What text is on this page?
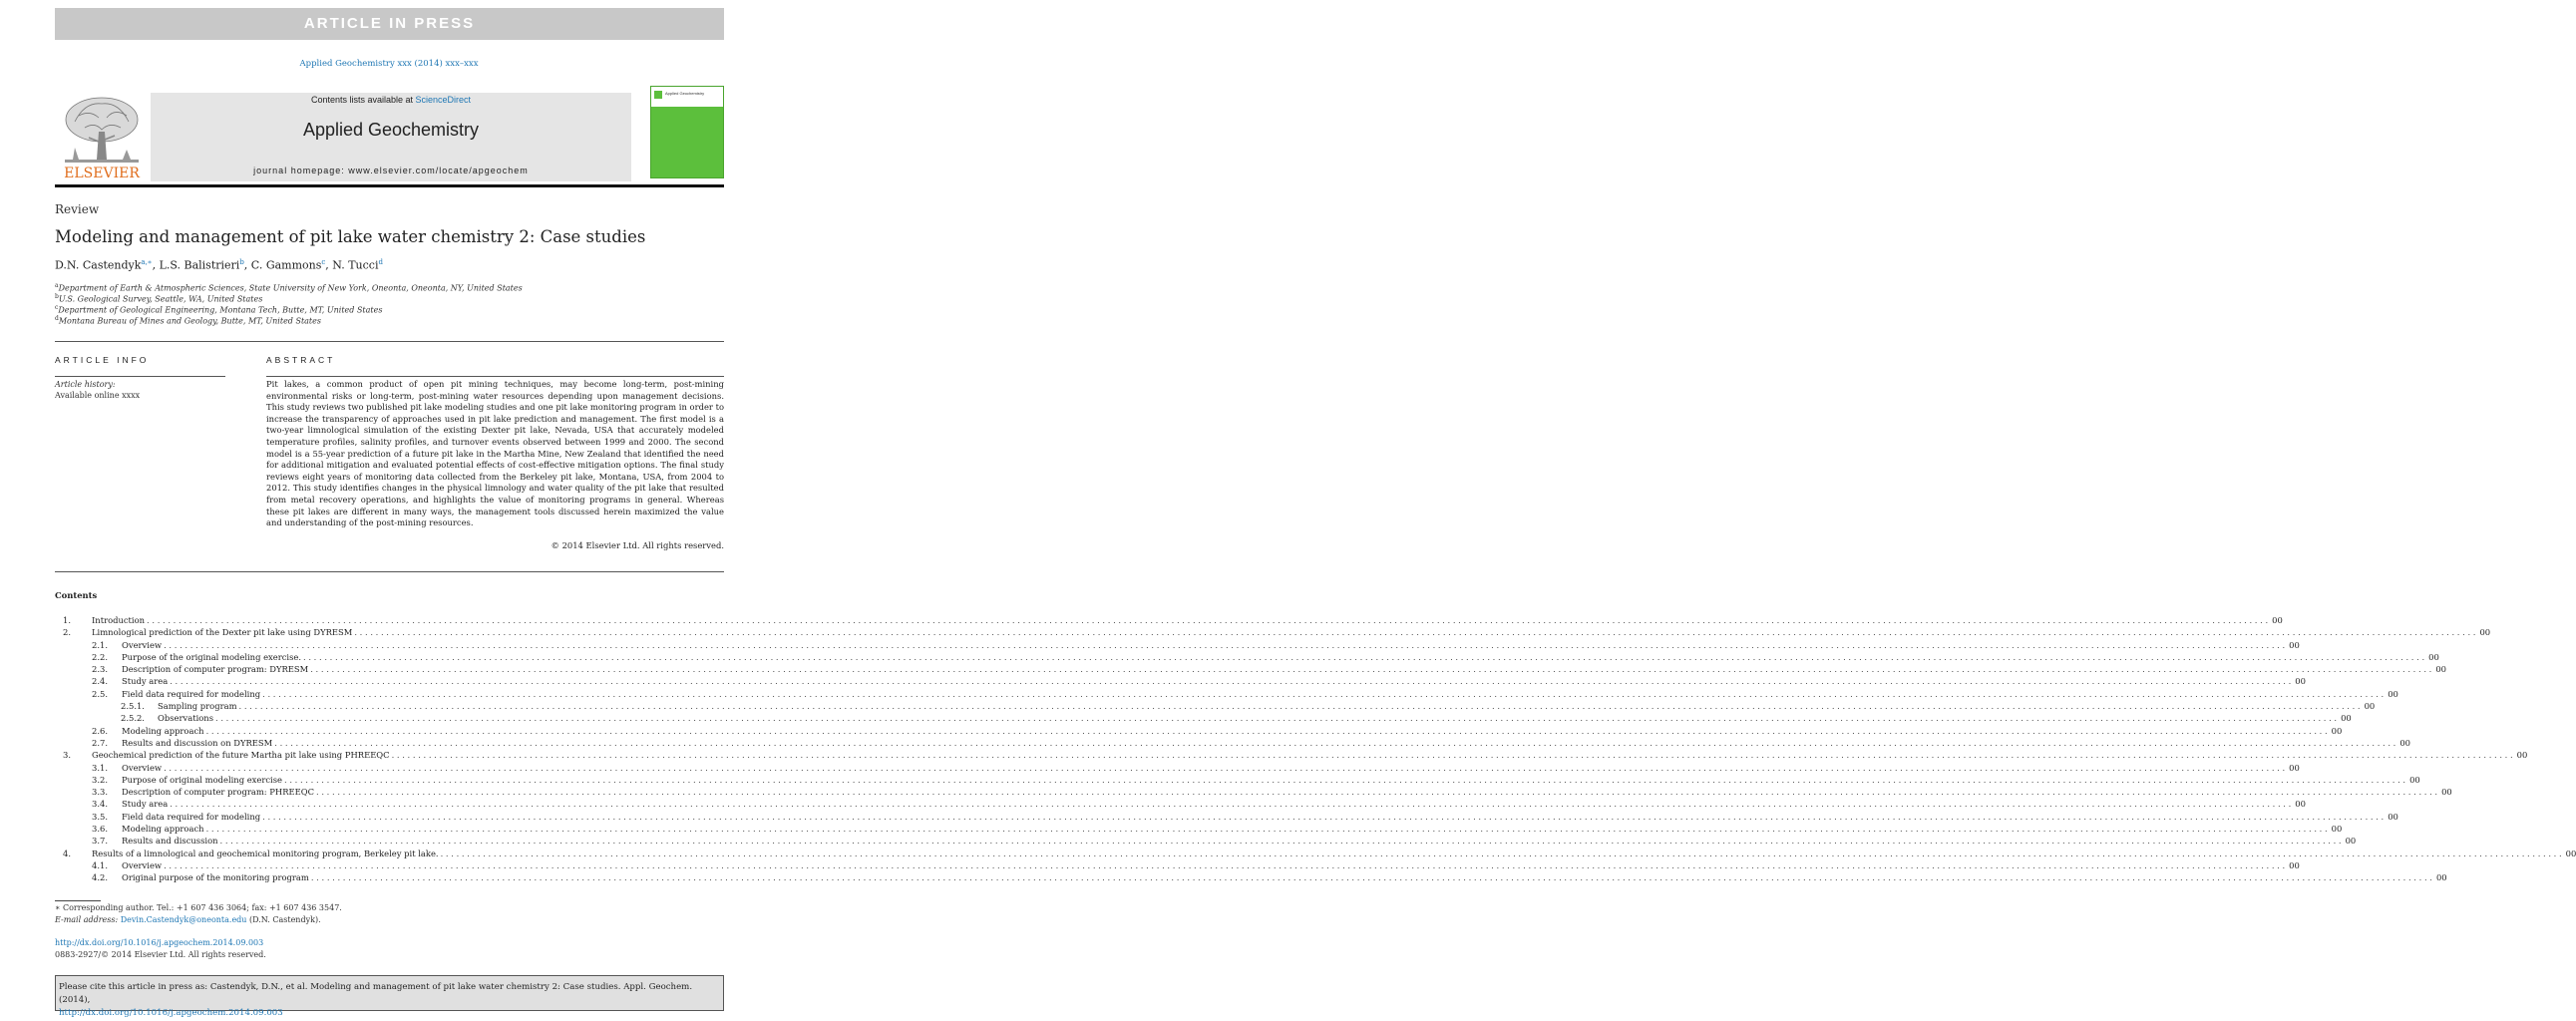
ARTICLE IN PRESS
Applied Geochemistry xxx (2014) xxx–xxx
ELSEVIER
Contents lists available at ScienceDirect
Applied Geochemistry
journal homepage: www.elsevier.com/locate/apgeochem
Applied Geochemistry
Review
Modeling and management of pit lake water chemistry 2: Case studies
D.N. Castendyk$^{a,∗}$, L.S. Balistrieri$^b$, C. Gammons$^c$, N. Tucci$^d$
$^a$Department of Earth & Atmospheric Sciences, State University of New York, Oneonta, Oneonta, NY, United States
$^b$U.S. Geological Survey, Seattle, WA, United States
$^c$Department of Geological Engineering, Montana Tech, Butte, MT, United States
$^d$Montana Bureau of Mines and Geology, Butte, MT, United States
ARTICLE INFO	ABSTRACT
Article history:
Available online xxxx
Pit lakes, a common product of open pit mining techniques, may become long-term, post-mining environmental risks or long-term, post-mining water resources depending upon management decisions. This study reviews two published pit lake modeling studies and one pit lake monitoring program in order to increase the transparency of approaches used in pit lake prediction and management. The first model is a two-year limnological simulation of the existing Dexter pit lake, Nevada, USA that accurately modeled temperature profiles, salinity profiles, and turnover events observed between 1999 and 2000. The second model is a 55-year prediction of a future pit lake in the Martha Mine, New Zealand that identified the need for additional mitigation and evaluated potential effects of cost-effective mitigation options. The final study reviews eight years of monitoring data collected from the Berkeley pit lake, Montana, USA, from 2004 to 2012. This study identifies changes in the physical limnology and water quality of the pit lake that resulted from metal recovery operations, and highlights the value of monitoring programs in general. Whereas these pit lakes are different in many ways, the management tools discussed herein maximized the value and understanding of the post-mining resources.
© 2014 Elsevier Ltd. All rights reserved.
Contents
1.	Introduction . . . . . . . . . . . . . . . . . . . . . . . . . . . . . . . . . . . . . . . . . . . . . . . . . . . . . . . . . . . . . . . . . . . . . . . . . . . . . . . . . . . . . . . . . . . . . . . . . . . . . . . . . . . . . . . . . . . . . . . . . . . . . . . . . . . . . . . . . . . . . . . . . . . . . . . . . . . . . . . . . . . . . . . . . . . . . . . . . . . . . . . . . . . . . . . . . . . . . . . . . . . . . . . . . . . . . . . . . . . . . . . . . . . . . . . . . . . . . . . . . . . . . . . . . . . . . . . . . . . . . . . . . . . . . . . . . . . . . . . . . . . . . . . . . . . . . . . . . . . . . . . . . . . . . . . . . . . . . . . . . . . . . . . . . . . . . . . . . . . . . . . . . . . . . . . . . . . . . . . . . . . . . . . . . . . . . . . . . . . . . . . . . . . . . . . . . . . . . . . . 00
2.	Limnological prediction of the Dexter pit lake using DYRESM . . . . . . . . . . . . . . . . . . . . . . . . . . . . . . . . . . . . . . . . . . . . . . . . . . . . . . . . . . . . . . . . . . . . . . . . . . . . . . . . . . . . . . . . . . . . . . . . . . . . . . . . . . . . . . . . . . . . . . . . . . . . . . . . . . . . . . . . . . . . . . . . . . . . . . . . . . . . . . . . . . . . . . . . . . . . . . . . . . . . . . . . . . . . . . . . . . . . . . . . . . . . . . . . . . . . . . . . . . . . . . . . . . . . . . . . . . . . . . . . . . . . . . . . . . . . . . . . . . . . . . . . . . . . . . . . . . . . . . . . . . . . . . . . . . . . . . . . . . . . . . . . . . . . . . . . . . . . . . . . . . . . . . . . . . . . . . . . . . . . . . . . . . . . . . . . . . . . . . . . . . . . . . . . . . . . . . . . . . . . . . . . . . . . . . . . . . . . . . . . 00
2.1.	Overview . . . . . . . . . . . . . . . . . . . . . . . . . . . . . . . . . . . . . . . . . . . . . . . . . . . . . . . . . . . . . . . . . . . . . . . . . . . . . . . . . . . . . . . . . . . . . . . . . . . . . . . . . . . . . . . . . . . . . . . . . . . . . . . . . . . . . . . . . . . . . . . . . . . . . . . . . . . . . . . . . . . . . . . . . . . . . . . . . . . . . . . . . . . . . . . . . . . . . . . . . . . . . . . . . . . . . . . . . . . . . . . . . . . . . . . . . . . . . . . . . . . . . . . . . . . . . . . . . . . . . . . . . . . . . . . . . . . . . . . . . . . . . . . . . . . . . . . . . . . . . . . . . . . . . . . . . . . . . . . . . . . . . . . . . . . . . . . . . . . . . . . . . . . . . . . . . . . . . . . . . . . . . . . . . . . . . . . . . . . . . . . . . . . . . . . . . . . . . . . . 00
2.2.	Purpose of the original modeling exercise. . . . . . . . . . . . . . . . . . . . . . . . . . . . . . . . . . . . . . . . . . . . . . . . . . . . . . . . . . . . . . . . . . . . . . . . . . . . . . . . . . . . . . . . . . . . . . . . . . . . . . . . . . . . . . . . . . . . . . . . . . . . . . . . . . . . . . . . . . . . . . . . . . . . . . . . . . . . . . . . . . . . . . . . . . . . . . . . . . . . . . . . . . . . . . . . . . . . . . . . . . . . . . . . . . . . . . . . . . . . . . . . . . . . . . . . . . . . . . . . . . . . . . . . . . . . . . . . . . . . . . . . . . . . . . . . . . . . . . . . . . . . . . . . . . . . . . . . . . . . . . . . . . . . . . . . . . . . . . . . . . . . . . . . . . . . . . . . . . . . . . . . . . . . . . . . . . . . . . . . . . . . . . . . . . . . . . . . . . . . . . . . . . . . . . . . . . . . . . . . . 00
2.3.	Description of computer program: DYRESM . . . . . . . . . . . . . . . . . . . . . . . . . . . . . . . . . . . . . . . . . . . . . . . . . . . . . . . . . . . . . . . . . . . . . . . . . . . . . . . . . . . . . . . . . . . . . . . . . . . . . . . . . . . . . . . . . . . . . . . . . . . . . . . . . . . . . . . . . . . . . . . . . . . . . . . . . . . . . . . . . . . . . . . . . . . . . . . . . . . . . . . . . . . . . . . . . . . . . . . . . . . . . . . . . . . . . . . . . . . . . . . . . . . . . . . . . . . . . . . . . . . . . . . . . . . . . . . . . . . . . . . . . . . . . . . . . . . . . . . . . . . . . . . . . . . . . . . . . . . . . . . . . . . . . . . . . . . . . . . . . . . . . . . . . . . . . . . . . . . . . . . . . . . . . . . . . . . . . . . . . . . . . . . . . . . . . . . . . . . . . . . . . . . . . . . . . . . . . . . . 00
2.4.	Study area . . . . . . . . . . . . . . . . . . . . . . . . . . . . . . . . . . . . . . . . . . . . . . . . . . . . . . . . . . . . . . . . . . . . . . . . . . . . . . . . . . . . . . . . . . . . . . . . . . . . . . . . . . . . . . . . . . . . . . . . . . . . . . . . . . . . . . . . . . . . . . . . . . . . . . . . . . . . . . . . . . . . . . . . . . . . . . . . . . . . . . . . . . . . . . . . . . . . . . . . . . . . . . . . . . . . . . . . . . . . . . . . . . . . . . . . . . . . . . . . . . . . . . . . . . . . . . . . . . . . . . . . . . . . . . . . . . . . . . . . . . . . . . . . . . . . . . . . . . . . . . . . . . . . . . . . . . . . . . . . . . . . . . . . . . . . . . . . . . . . . . . . . . . . . . . . . . . . . . . . . . . . . . . . . . . . . . . . . . . . . . . . . . . . . . . . . . . . . . . . 00
2.5.	Field data required for modeling . . . . . . . . . . . . . . . . . . . . . . . . . . . . . . . . . . . . . . . . . . . . . . . . . . . . . . . . . . . . . . . . . . . . . . . . . . . . . . . . . . . . . . . . . . . . . . . . . . . . . . . . . . . . . . . . . . . . . . . . . . . . . . . . . . . . . . . . . . . . . . . . . . . . . . . . . . . . . . . . . . . . . . . . . . . . . . . . . . . . . . . . . . . . . . . . . . . . . . . . . . . . . . . . . . . . . . . . . . . . . . . . . . . . . . . . . . . . . . . . . . . . . . . . . . . . . . . . . . . . . . . . . . . . . . . . . . . . . . . . . . . . . . . . . . . . . . . . . . . . . . . . . . . . . . . . . . . . . . . . . . . . . . . . . . . . . . . . . . . . . . . . . . . . . . . . . . . . . . . . . . . . . . . . . . . . . . . . . . . . . . . . . . . . . . . . . . . . . . . . 00
2.5.1.	Sampling program . . . . . . . . . . . . . . . . . . . . . . . . . . . . . . . . . . . . . . . . . . . . . . . . . . . . . . . . . . . . . . . . . . . . . . . . . . . . . . . . . . . . . . . . . . . . . . . . . . . . . . . . . . . . . . . . . . . . . . . . . . . . . . . . . . . . . . . . . . . . . . . . . . . . . . . . . . . . . . . . . . . . . . . . . . . . . . . . . . . . . . . . . . . . . . . . . . . . . . . . . . . . . . . . . . . . . . . . . . . . . . . . . . . . . . . . . . . . . . . . . . . . . . . . . . . . . . . . . . . . . . . . . . . . . . . . . . . . . . . . . . . . . . . . . . . . . . . . . . . . . . . . . . . . . . . . . . . . . . . . . . . . . . . . . . . . . . . . . . . . . . . . . . . . . . . . . . . . . . . . . . . . . . . . . . . . . . . . . . . . . . . . . . . . . . . . . . . . . . . . 00
2.5.2.	Observations . . . . . . . . . . . . . . . . . . . . . . . . . . . . . . . . . . . . . . . . . . . . . . . . . . . . . . . . . . . . . . . . . . . . . . . . . . . . . . . . . . . . . . . . . . . . . . . . . . . . . . . . . . . . . . . . . . . . . . . . . . . . . . . . . . . . . . . . . . . . . . . . . . . . . . . . . . . . . . . . . . . . . . . . . . . . . . . . . . . . . . . . . . . . . . . . . . . . . . . . . . . . . . . . . . . . . . . . . . . . . . . . . . . . . . . . . . . . . . . . . . . . . . . . . . . . . . . . . . . . . . . . . . . . . . . . . . . . . . . . . . . . . . . . . . . . . . . . . . . . . . . . . . . . . . . . . . . . . . . . . . . . . . . . . . . . . . . . . . . . . . . . . . . . . . . . . . . . . . . . . . . . . . . . . . . . . . . . . . . . . . . . . . . . . . . . . . . . . . . . 00
2.6.	Modeling approach . . . . . . . . . . . . . . . . . . . . . . . . . . . . . . . . . . . . . . . . . . . . . . . . . . . . . . . . . . . . . . . . . . . . . . . . . . . . . . . . . . . . . . . . . . . . . . . . . . . . . . . . . . . . . . . . . . . . . . . . . . . . . . . . . . . . . . . . . . . . . . . . . . . . . . . . . . . . . . . . . . . . . . . . . . . . . . . . . . . . . . . . . . . . . . . . . . . . . . . . . . . . . . . . . . . . . . . . . . . . . . . . . . . . . . . . . . . . . . . . . . . . . . . . . . . . . . . . . . . . . . . . . . . . . . . . . . . . . . . . . . . . . . . . . . . . . . . . . . . . . . . . . . . . . . . . . . . . . . . . . . . . . . . . . . . . . . . . . . . . . . . . . . . . . . . . . . . . . . . . . . . . . . . . . . . . . . . . . . . . . . . . . . . . . . . . . . . . . . . . 00
2.7.	Results and discussion on DYRESM . . . . . . . . . . . . . . . . . . . . . . . . . . . . . . . . . . . . . . . . . . . . . . . . . . . . . . . . . . . . . . . . . . . . . . . . . . . . . . . . . . . . . . . . . . . . . . . . . . . . . . . . . . . . . . . . . . . . . . . . . . . . . . . . . . . . . . . . . . . . . . . . . . . . . . . . . . . . . . . . . . . . . . . . . . . . . . . . . . . . . . . . . . . . . . . . . . . . . . . . . . . . . . . . . . . . . . . . . . . . . . . . . . . . . . . . . . . . . . . . . . . . . . . . . . . . . . . . . . . . . . . . . . . . . . . . . . . . . . . . . . . . . . . . . . . . . . . . . . . . . . . . . . . . . . . . . . . . . . . . . . . . . . . . . . . . . . . . . . . . . . . . . . . . . . . . . . . . . . . . . . . . . . . . . . . . . . . . . . . . . . . . . . . . . . . . . . . . . . . . 00
3.	Geochemical prediction of the future Martha pit lake using PHREEQC . . . . . . . . . . . . . . . . . . . . . . . . . . . . . . . . . . . . . . . . . . . . . . . . . . . . . . . . . . . . . . . . . . . . . . . . . . . . . . . . . . . . . . . . . . . . . . . . . . . . . . . . . . . . . . . . . . . . . . . . . . . . . . . . . . . . . . . . . . . . . . . . . . . . . . . . . . . . . . . . . . . . . . . . . . . . . . . . . . . . . . . . . . . . . . . . . . . . . . . . . . . . . . . . . . . . . . . . . . . . . . . . . . . . . . . . . . . . . . . . . . . . . . . . . . . . . . . . . . . . . . . . . . . . . . . . . . . . . . . . . . . . . . . . . . . . . . . . . . . . . . . . . . . . . . . . . . . . . . . . . . . . . . . . . . . . . . . . . . . . . . . . . . . . . . . . . . . . . . . . . . . . . . . . . . . . . . . . . . . . . . . . . . . . . . . . . . . . . . . . 00
3.1.	Overview . . . . . . . . . . . . . . . . . . . . . . . . . . . . . . . . . . . . . . . . . . . . . . . . . . . . . . . . . . . . . . . . . . . . . . . . . . . . . . . . . . . . . . . . . . . . . . . . . . . . . . . . . . . . . . . . . . . . . . . . . . . . . . . . . . . . . . . . . . . . . . . . . . . . . . . . . . . . . . . . . . . . . . . . . . . . . . . . . . . . . . . . . . . . . . . . . . . . . . . . . . . . . . . . . . . . . . . . . . . . . . . . . . . . . . . . . . . . . . . . . . . . . . . . . . . . . . . . . . . . . . . . . . . . . . . . . . . . . . . . . . . . . . . . . . . . . . . . . . . . . . . . . . . . . . . . . . . . . . . . . . . . . . . . . . . . . . . . . . . . . . . . . . . . . . . . . . . . . . . . . . . . . . . . . . . . . . . . . . . . . . . . . . . . . . . . . . . . . . . . 00
3.2.	Purpose of original modeling exercise . . . . . . . . . . . . . . . . . . . . . . . . . . . . . . . . . . . . . . . . . . . . . . . . . . . . . . . . . . . . . . . . . . . . . . . . . . . . . . . . . . . . . . . . . . . . . . . . . . . . . . . . . . . . . . . . . . . . . . . . . . . . . . . . . . . . . . . . . . . . . . . . . . . . . . . . . . . . . . . . . . . . . . . . . . . . . . . . . . . . . . . . . . . . . . . . . . . . . . . . . . . . . . . . . . . . . . . . . . . . . . . . . . . . . . . . . . . . . . . . . . . . . . . . . . . . . . . . . . . . . . . . . . . . . . . . . . . . . . . . . . . . . . . . . . . . . . . . . . . . . . . . . . . . . . . . . . . . . . . . . . . . . . . . . . . . . . . . . . . . . . . . . . . . . . . . . . . . . . . . . . . . . . . . . . . . . . . . . . . . . . . . . . . . . . . . . . . . . . . . 00
3.3.	Description of computer program: PHREEQC . . . . . . . . . . . . . . . . . . . . . . . . . . . . . . . . . . . . . . . . . . . . . . . . . . . . . . . . . . . . . . . . . . . . . . . . . . . . . . . . . . . . . . . . . . . . . . . . . . . . . . . . . . . . . . . . . . . . . . . . . . . . . . . . . . . . . . . . . . . . . . . . . . . . . . . . . . . . . . . . . . . . . . . . . . . . . . . . . . . . . . . . . . . . . . . . . . . . . . . . . . . . . . . . . . . . . . . . . . . . . . . . . . . . . . . . . . . . . . . . . . . . . . . . . . . . . . . . . . . . . . . . . . . . . . . . . . . . . . . . . . . . . . . . . . . . . . . . . . . . . . . . . . . . . . . . . . . . . . . . . . . . . . . . . . . . . . . . . . . . . . . . . . . . . . . . . . . . . . . . . . . . . . . . . . . . . . . . . . . . . . . . . . . . . . . . . . . . . . . . 00
3.4.	Study area . . . . . . . . . . . . . . . . . . . . . . . . . . . . . . . . . . . . . . . . . . . . . . . . . . . . . . . . . . . . . . . . . . . . . . . . . . . . . . . . . . . . . . . . . . . . . . . . . . . . . . . . . . . . . . . . . . . . . . . . . . . . . . . . . . . . . . . . . . . . . . . . . . . . . . . . . . . . . . . . . . . . . . . . . . . . . . . . . . . . . . . . . . . . . . . . . . . . . . . . . . . . . . . . . . . . . . . . . . . . . . . . . . . . . . . . . . . . . . . . . . . . . . . . . . . . . . . . . . . . . . . . . . . . . . . . . . . . . . . . . . . . . . . . . . . . . . . . . . . . . . . . . . . . . . . . . . . . . . . . . . . . . . . . . . . . . . . . . . . . . . . . . . . . . . . . . . . . . . . . . . . . . . . . . . . . . . . . . . . . . . . . . . . . . . . . . . . . . . . . 00
3.5.	Field data required for modeling . . . . . . . . . . . . . . . . . . . . . . . . . . . . . . . . . . . . . . . . . . . . . . . . . . . . . . . . . . . . . . . . . . . . . . . . . . . . . . . . . . . . . . . . . . . . . . . . . . . . . . . . . . . . . . . . . . . . . . . . . . . . . . . . . . . . . . . . . . . . . . . . . . . . . . . . . . . . . . . . . . . . . . . . . . . . . . . . . . . . . . . . . . . . . . . . . . . . . . . . . . . . . . . . . . . . . . . . . . . . . . . . . . . . . . . . . . . . . . . . . . . . . . . . . . . . . . . . . . . . . . . . . . . . . . . . . . . . . . . . . . . . . . . . . . . . . . . . . . . . . . . . . . . . . . . . . . . . . . . . . . . . . . . . . . . . . . . . . . . . . . . . . . . . . . . . . . . . . . . . . . . . . . . . . . . . . . . . . . . . . . . . . . . . . . . . . . . . . . . . 00
3.6.	Modeling approach . . . . . . . . . . . . . . . . . . . . . . . . . . . . . . . . . . . . . . . . . . . . . . . . . . . . . . . . . . . . . . . . . . . . . . . . . . . . . . . . . . . . . . . . . . . . . . . . . . . . . . . . . . . . . . . . . . . . . . . . . . . . . . . . . . . . . . . . . . . . . . . . . . . . . . . . . . . . . . . . . . . . . . . . . . . . . . . . . . . . . . . . . . . . . . . . . . . . . . . . . . . . . . . . . . . . . . . . . . . . . . . . . . . . . . . . . . . . . . . . . . . . . . . . . . . . . . . . . . . . . . . . . . . . . . . . . . . . . . . . . . . . . . . . . . . . . . . . . . . . . . . . . . . . . . . . . . . . . . . . . . . . . . . . . . . . . . . . . . . . . . . . . . . . . . . . . . . . . . . . . . . . . . . . . . . . . . . . . . . . . . . . . . . . . . . . . . . . . . . . 00
3.7.	Results and discussion . . . . . . . . . . . . . . . . . . . . . . . . . . . . . . . . . . . . . . . . . . . . . . . . . . . . . . . . . . . . . . . . . . . . . . . . . . . . . . . . . . . . . . . . . . . . . . . . . . . . . . . . . . . . . . . . . . . . . . . . . . . . . . . . . . . . . . . . . . . . . . . . . . . . . . . . . . . . . . . . . . . . . . . . . . . . . . . . . . . . . . . . . . . . . . . . . . . . . . . . . . . . . . . . . . . . . . . . . . . . . . . . . . . . . . . . . . . . . . . . . . . . . . . . . . . . . . . . . . . . . . . . . . . . . . . . . . . . . . . . . . . . . . . . . . . . . . . . . . . . . . . . . . . . . . . . . . . . . . . . . . . . . . . . . . . . . . . . . . . . . . . . . . . . . . . . . . . . . . . . . . . . . . . . . . . . . . . . . . . . . . . . . . . . . . . . . . . . . . . . 00
4.	Results of a limnological and geochemical monitoring program, Berkeley pit lake. . . . . . . . . . . . . . . . . . . . . . . . . . . . . . . . . . . . . . . . . . . . . . . . . . . . . . . . . . . . . . . . . . . . . . . . . . . . . . . . . . . . . . . . . . . . . . . . . . . . . . . . . . . . . . . . . . . . . . . . . . . . . . . . . . . . . . . . . . . . . . . . . . . . . . . . . . . . . . . . . . . . . . . . . . . . . . . . . . . . . . . . . . . . . . . . . . . . . . . . . . . . . . . . . . . . . . . . . . . . . . . . . . . . . . . . . . . . . . . . . . . . . . . . . . . . . . . . . . . . . . . . . . . . . . . . . . . . . . . . . . . . . . . . . . . . . . . . . . . . . . . . . . . . . . . . . . . . . . . . . . . . . . . . . . . . . . . . . . . . . . . . . . . . . . . . . . . . . . . . . . . . . . . . . . . . . . . . . . . . . . . . . . . . . . . . . . . . . . . . . 00
4.1.	Overview . . . . . . . . . . . . . . . . . . . . . . . . . . . . . . . . . . . . . . . . . . . . . . . . . . . . . . . . . . . . . . . . . . . . . . . . . . . . . . . . . . . . . . . . . . . . . . . . . . . . . . . . . . . . . . . . . . . . . . . . . . . . . . . . . . . . . . . . . . . . . . . . . . . . . . . . . . . . . . . . . . . . . . . . . . . . . . . . . . . . . . . . . . . . . . . . . . . . . . . . . . . . . . . . . . . . . . . . . . . . . . . . . . . . . . . . . . . . . . . . . . . . . . . . . . . . . . . . . . . . . . . . . . . . . . . . . . . . . . . . . . . . . . . . . . . . . . . . . . . . . . . . . . . . . . . . . . . . . . . . . . . . . . . . . . . . . . . . . . . . . . . . . . . . . . . . . . . . . . . . . . . . . . . . . . . . . . . . . . . . . . . . . . . . . . . . . . . . . . . . 00
4.2.	Original purpose of the monitoring program . . . . . . . . . . . . . . . . . . . . . . . . . . . . . . . . . . . . . . . . . . . . . . . . . . . . . . . . . . . . . . . . . . . . . . . . . . . . . . . . . . . . . . . . . . . . . . . . . . . . . . . . . . . . . . . . . . . . . . . . . . . . . . . . . . . . . . . . . . . . . . . . . . . . . . . . . . . . . . . . . . . . . . . . . . . . . . . . . . . . . . . . . . . . . . . . . . . . . . . . . . . . . . . . . . . . . . . . . . . . . . . . . . . . . . . . . . . . . . . . . . . . . . . . . . . . . . . . . . . . . . . . . . . . . . . . . . . . . . . . . . . . . . . . . . . . . . . . . . . . . . . . . . . . . . . . . . . . . . . . . . . . . . . . . . . . . . . . . . . . . . . . . . . . . . . . . . . . . . . . . . . . . . . . . . . . . . . . . . . . . . . . . . . . . . . . . . . . . . . . 00
∗ Corresponding author. Tel.: +1 607 436 3064; fax: +1 607 436 3547.
E-mail address: Devin.Castendyk@oneonta.edu (D.N. Castendyk).
http://dx.doi.org/10.1016/j.apgeochem.2014.09.003
0883-2927/© 2014 Elsevier Ltd. All rights reserved.
Please cite this article in press as: Castendyk, D.N., et al. Modeling and management of pit lake water chemistry 2: Case studies. Appl. Geochem. (2014),
http://dx.doi.org/10.1016/j.apgeochem.2014.09.003
